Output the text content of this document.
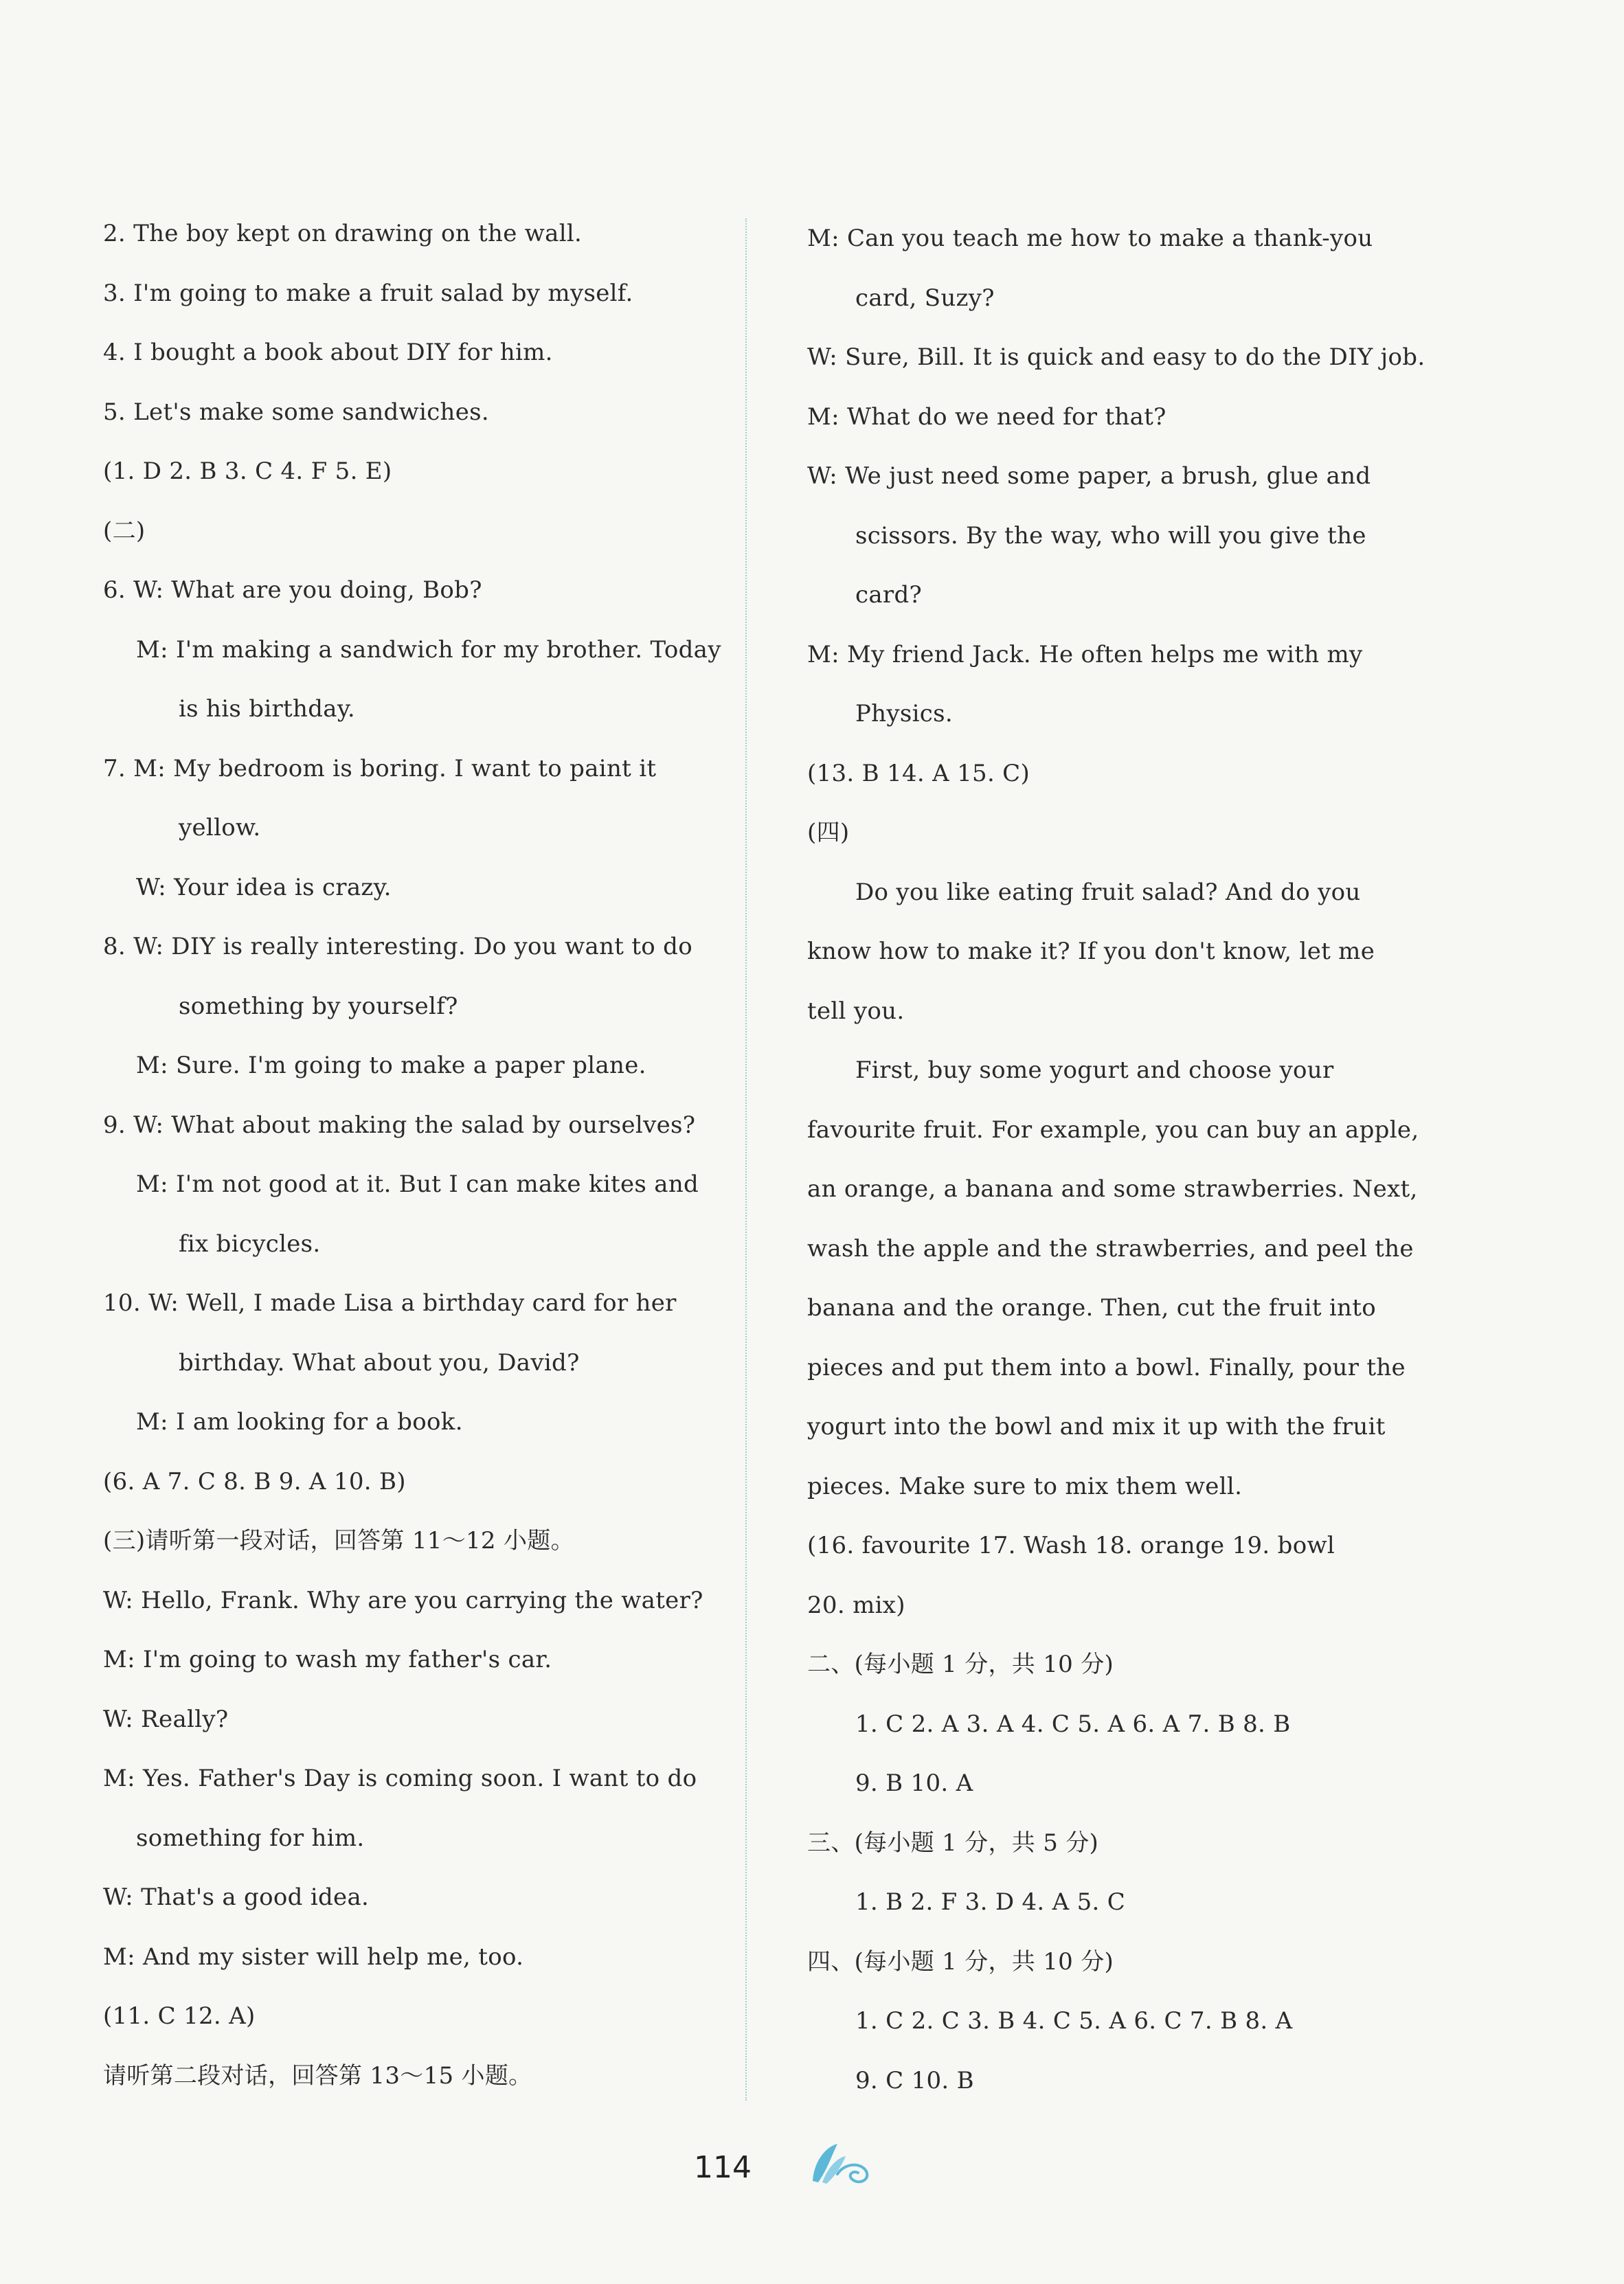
2. The boy kept on drawing on the wall.
3. I'm going to make a fruit salad by myself.
4. I bought a book about DIY for him.
5. Let's make some sandwiches.
(1. D 2. B 3. C 4. F 5. E)
(二)
6. W: What are you doing, Bob?
M: I'm making a sandwich for my brother. Today
is his birthday.
7. M: My bedroom is boring. I want to paint it
yellow.
W: Your idea is crazy.
8. W: DIY is really interesting. Do you want to do
something by yourself?
M: Sure. I'm going to make a paper plane.
9. W: What about making the salad by ourselves?
M: I'm not good at it. But I can make kites and
fix bicycles.
10. W: Well, I made Lisa a birthday card for her
birthday. What about you, David?
M: I am looking for a book.
(6. A 7. C 8. B 9. A 10. B)
(三)请听第一段对话，回答第 11～12 小题。
W: Hello, Frank. Why are you carrying the water?
M: I'm going to wash my father's car.
W: Really?
M: Yes. Father's Day is coming soon. I want to do
something for him.
W: That's a good idea.
M: And my sister will help me, too.
(11. C 12. A)
请听第二段对话，回答第 13～15 小题。
M: Can you teach me how to make a thank-you
card, Suzy?
W: Sure, Bill. It is quick and easy to do the DIY job.
M: What do we need for that?
W: We just need some paper, a brush, glue and
scissors. By the way, who will you give the
card?
M: My friend Jack. He often helps me with my
Physics.
(13. B 14. A 15. C)
(四)
Do you like eating fruit salad? And do you
know how to make it? If you don't know, let me
tell you.
First, buy some yogurt and choose your
favourite fruit. For example, you can buy an apple,
an orange, a banana and some strawberries. Next,
wash the apple and the strawberries, and peel the
banana and the orange. Then, cut the fruit into
pieces and put them into a bowl. Finally, pour the
yogurt into the bowl and mix it up with the fruit
pieces. Make sure to mix them well.
(16. favourite 17. Wash 18. orange 19. bowl
20. mix)
二、(每小题 1 分，共 10 分)
1. C 2. A 3. A 4. C 5. A 6. A 7. B 8. B
9. B 10. A
三、(每小题 1 分，共 5 分)
1. B 2. F 3. D 4. A 5. C
四、(每小题 1 分，共 10 分)
1. C 2. C 3. B 4. C 5. A 6. C 7. B 8. A
9. C 10. B
114
